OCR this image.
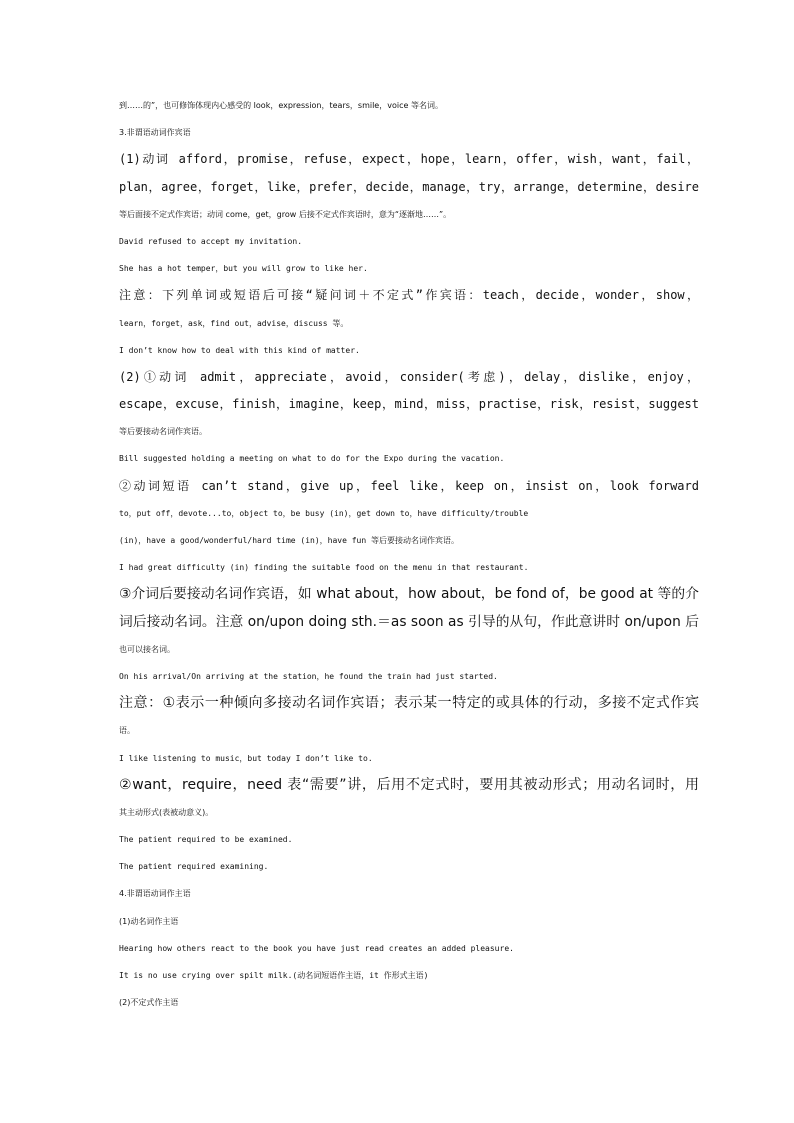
到……的”，也可修饰体现内心感受的 look，expression，tears，smile，voice 等名词。
3.非谓语动词作宾语
(1)动词 afford，promise，refuse，expect，hope，learn，offer，wish，want，fail，
plan，agree，forget，like，prefer，decide，manage，try，arrange，determine，desire
等后面接不定式作宾语；动词 come，get，grow 后接不定式作宾语时，意为“逐渐地……”。
David refused to accept my invitation.
She has a hot temper，but you will grow to like her.
注意：下列单词或短语后可接“疑问词＋不定式”作宾语：teach，decide，wonder，show，
learn，forget，ask，find out，advise，discuss 等。
I don’t know how to deal with this kind of matter.
(2)①动词 admit，appreciate，avoid，consider(考虑)，delay，dislike，enjoy，
escape，excuse，finish，imagine，keep，mind，miss，practise，risk，resist，suggest
等后要接动名词作宾语。
Bill suggested holding a meeting on what to do for the Expo during the vacation.
②动词短语 can’t stand，give up，feel like，keep on，insist on，look forward
to，put off，devote...to，object to，be busy (in)，get down to，have difficulty/trouble
(in)，have a good/wonderful/hard time (in)，have fun 等后要接动名词作宾语。
I had great difficulty (in) finding the suitable food on the menu in that restaurant.
③介词后要接动名词作宾语，如 what about，how about，be fond of，be good at 等的介
词后接动名词。注意 on/upon doing sth.＝as soon as 引导的从句，作此意讲时 on/upon 后
也可以接名词。
On his arrival/On arriving at the station，he found the train had just started.
注意：①表示一种倾向多接动名词作宾语；表示某一特定的或具体的行动，多接不定式作宾
语。
I like listening to music，but today I don’t like to.
②want，require，need 表“需要”讲，后用不定式时，要用其被动形式；用动名词时，用
其主动形式(表被动意义)。
The patient required to be examined.
The patient required examining.
4.非谓语动词作主语
(1)动名词作主语
Hearing how others react to the book you have just read creates an added pleasure.
It is no use crying over spilt milk.(动名词短语作主语，it 作形式主语)
(2)不定式作主语
